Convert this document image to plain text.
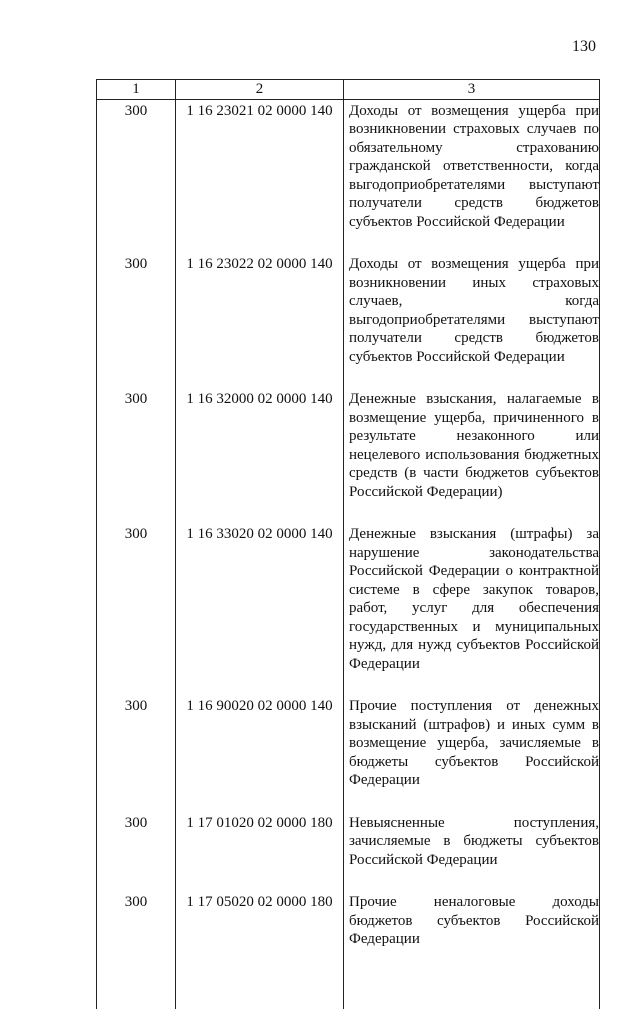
130
1	2	3
300	1 16 23021 02 0000 140	Доходы от возмещения ущерба при возникновении страховых случаев по обязательному страхованию гражданской ответственности, когда выгодоприобретателями выступают получатели средств бюджетов субъектов Российской Федерации

300	1 16 23022 02 0000 140	Доходы от возмещения ущерба при возникновении иных страховых случаев, когда выгодоприобретателями выступают получатели средств бюджетов субъектов Российской Федерации

300	1 16 32000 02 0000 140	Денежные взыскания, налагаемые в возмещение ущерба, причиненного в результате незаконного или нецелевого использования бюджетных средств (в части бюджетов субъектов Российской Федерации)

300	1 16 33020 02 0000 140	Денежные взыскания (штрафы) за нарушение законодательства Российской Федерации о контрактной системе в сфере закупок товаров, работ, услуг для обеспечения государственных и муниципальных нужд, для нужд субъектов Российской Федерации

300	1 16 90020 02 0000 140	Прочие поступления от денежных взысканий (штрафов) и иных сумм в возмещение ущерба, зачисляемые в бюджеты субъектов Российской Федерации

300	1 17 01020 02 0000 180	Невыясненные поступления, зачисляемые в бюджеты субъектов Российской Федерации

300	1 17 05020 02 0000 180	Прочие неналоговые доходы бюджетов субъектов Российской Федерации
